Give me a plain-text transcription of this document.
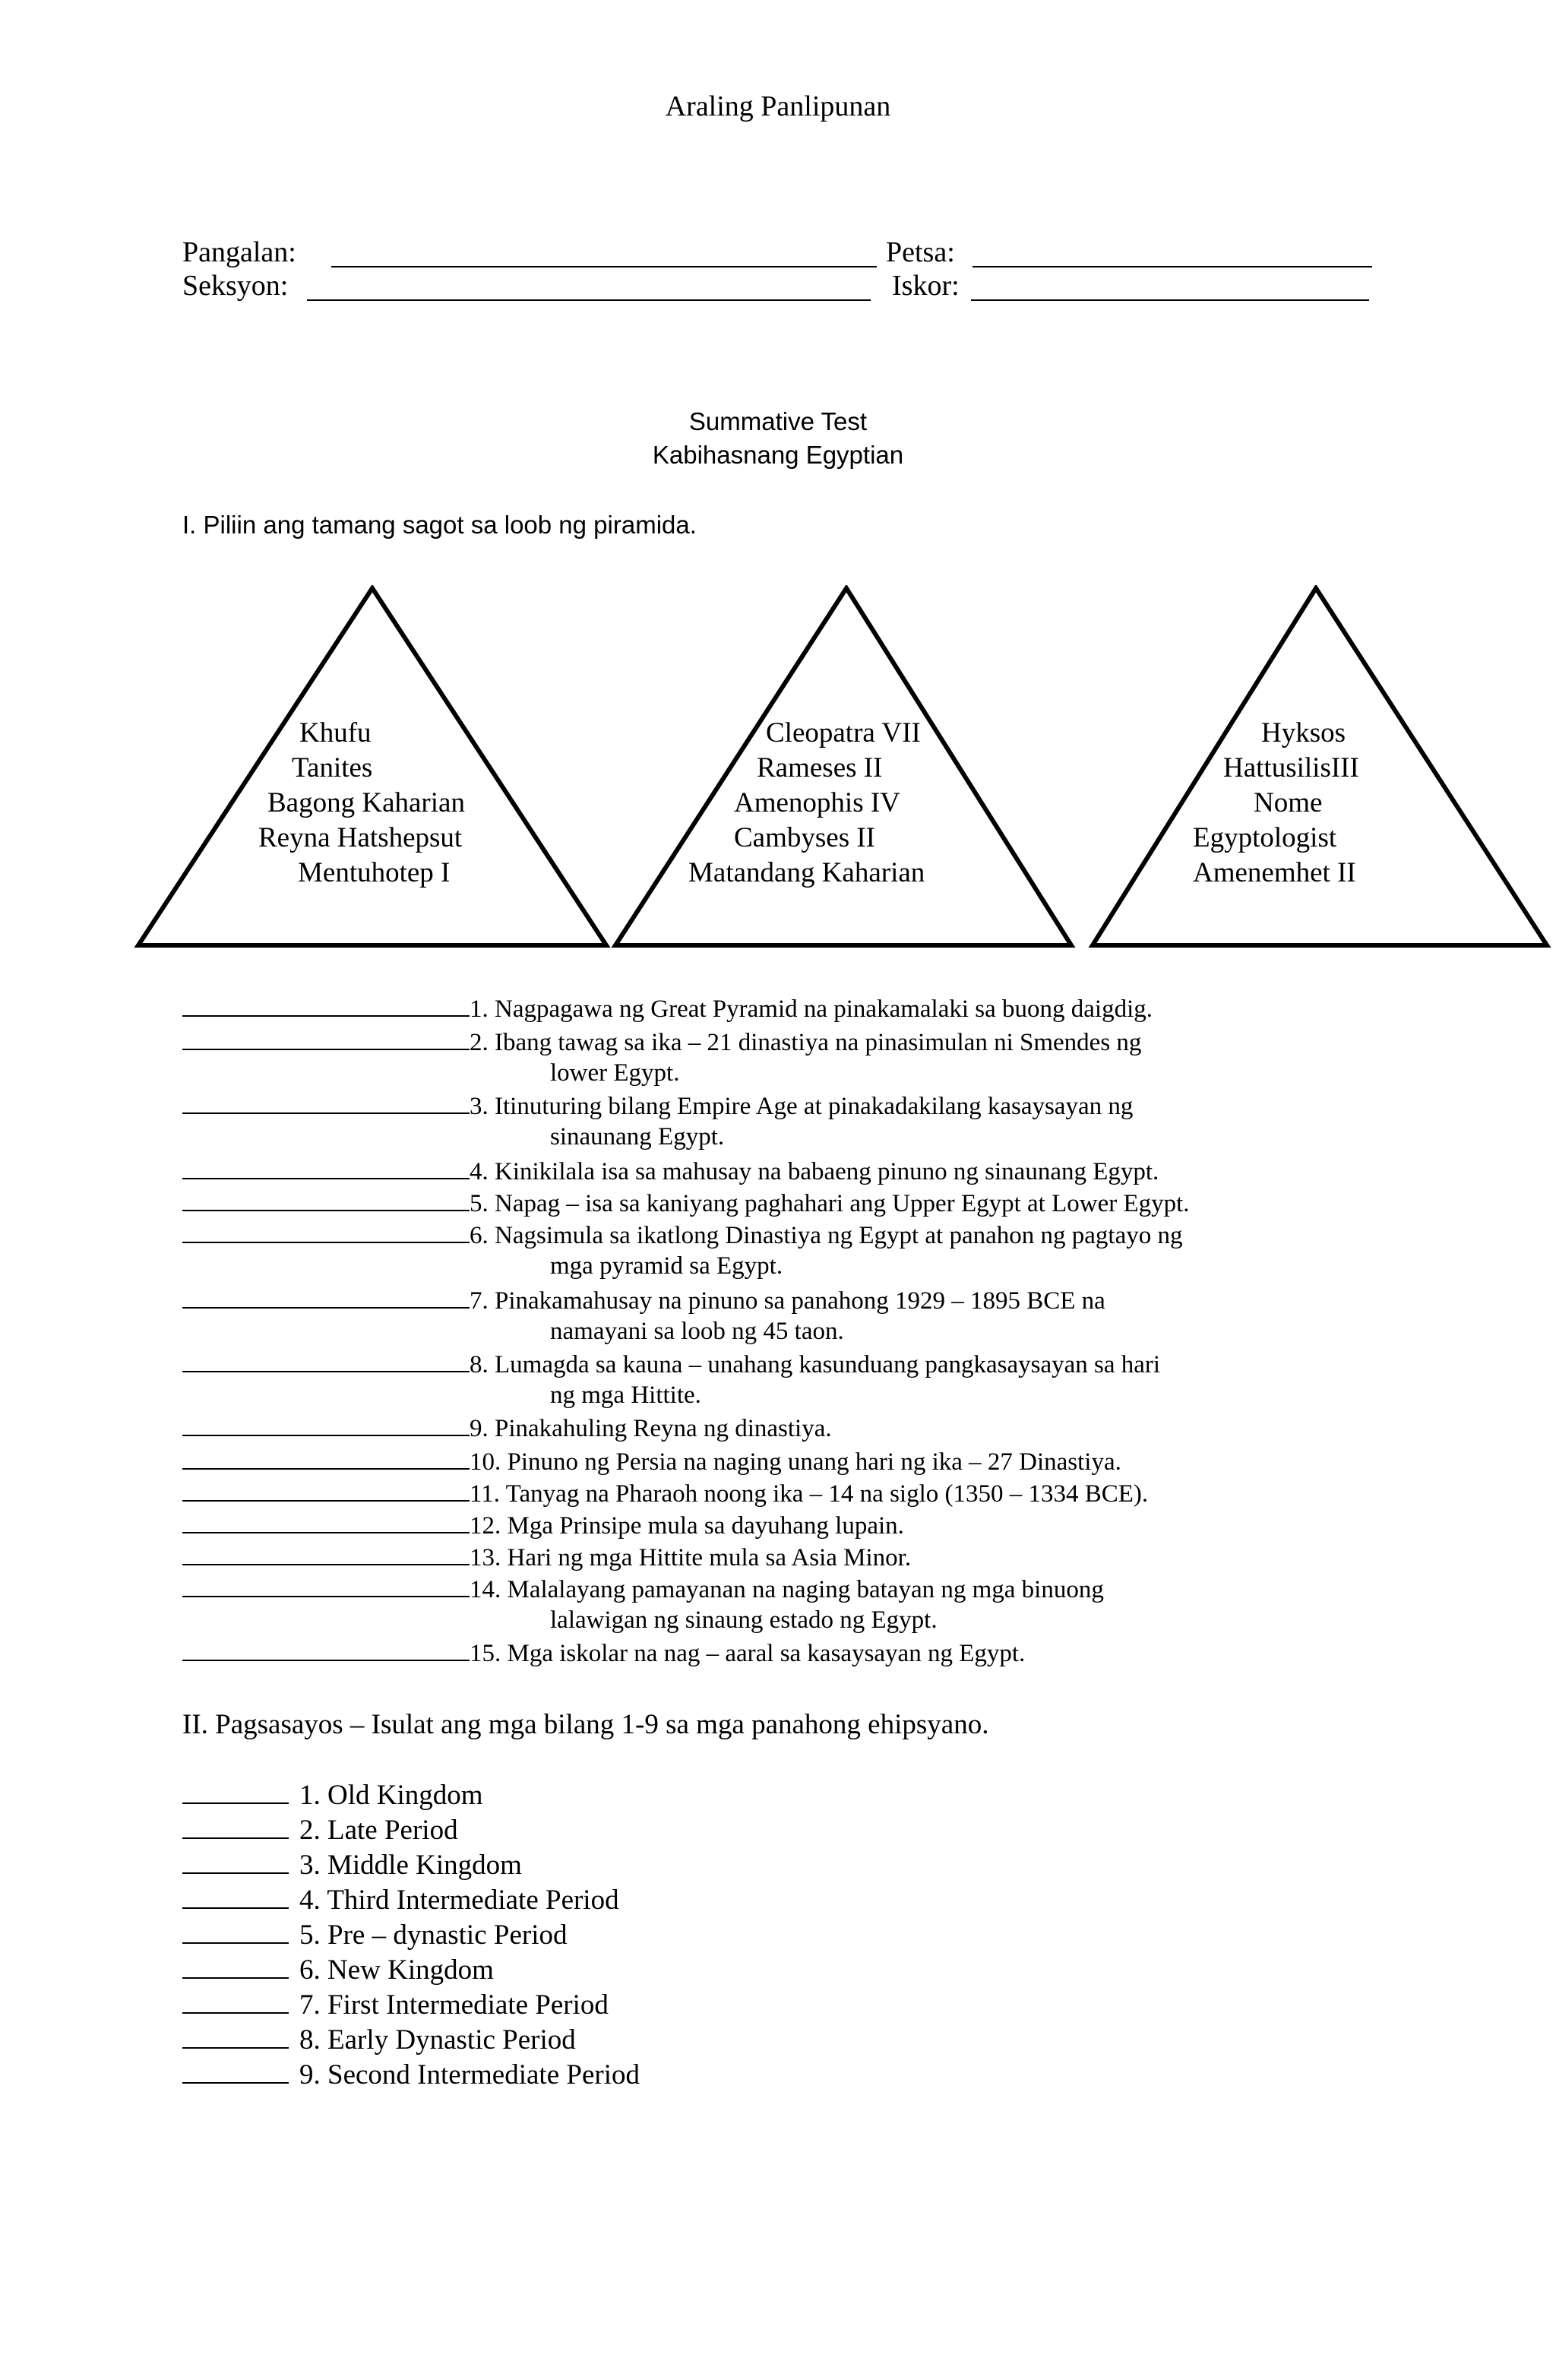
Araling Panlipunan
Pangalan:	Petsa:
Seksyon:	Iskor:
Summative Test
Kabihasnang Egyptian
I. Piliin ang tamang sagot sa loob ng piramida.
Khufu
Tanites
Bagong Kaharian
Reyna Hatshepsut
Mentuhotep I
Cleopatra VII
Rameses II
Amenophis IV
Cambyses II
Matandang Kaharian
Hyksos
HattusilisIII
Nome
Egyptologist
Amenemhet II
1. Nagpagawa ng Great Pyramid na pinakamalaki sa buong daigdig.
2. Ibang tawag sa ika – 21 dinastiya na pinasimulan ni Smendes ng
lower Egypt.
3. Itinuturing bilang Empire Age at pinakadakilang kasaysayan ng
sinaunang Egypt.
4. Kinikilala isa sa mahusay na babaeng pinuno ng sinaunang Egypt.
5. Napag – isa sa kaniyang paghahari ang Upper Egypt at Lower Egypt.
6. Nagsimula sa ikatlong Dinastiya ng Egypt at panahon ng pagtayo ng
mga pyramid sa Egypt.
7. Pinakamahusay na pinuno sa panahong 1929 – 1895 BCE na
namayani sa loob ng 45 taon.
8. Lumagda sa kauna – unahang kasunduang pangkasaysayan sa hari
ng mga Hittite.
9. Pinakahuling Reyna ng dinastiya.
10. Pinuno ng Persia na naging unang hari ng ika – 27 Dinastiya.
11. Tanyag na Pharaoh noong ika – 14 na siglo (1350 – 1334 BCE).
12. Mga Prinsipe mula sa dayuhang lupain.
13. Hari ng mga Hittite mula sa Asia Minor.
14. Malalayang pamayanan na naging batayan ng mga binuong
lalawigan ng sinaung estado ng Egypt.
15. Mga iskolar na nag – aaral sa kasaysayan ng Egypt.
II. Pagsasayos – Isulat ang mga bilang 1-9 sa mga panahong ehipsyano.
1. Old Kingdom
2. Late Period
3. Middle Kingdom
4. Third Intermediate Period
5. Pre – dynastic Period
6. New Kingdom
7. First Intermediate Period
8. Early Dynastic Period
9. Second Intermediate Period
